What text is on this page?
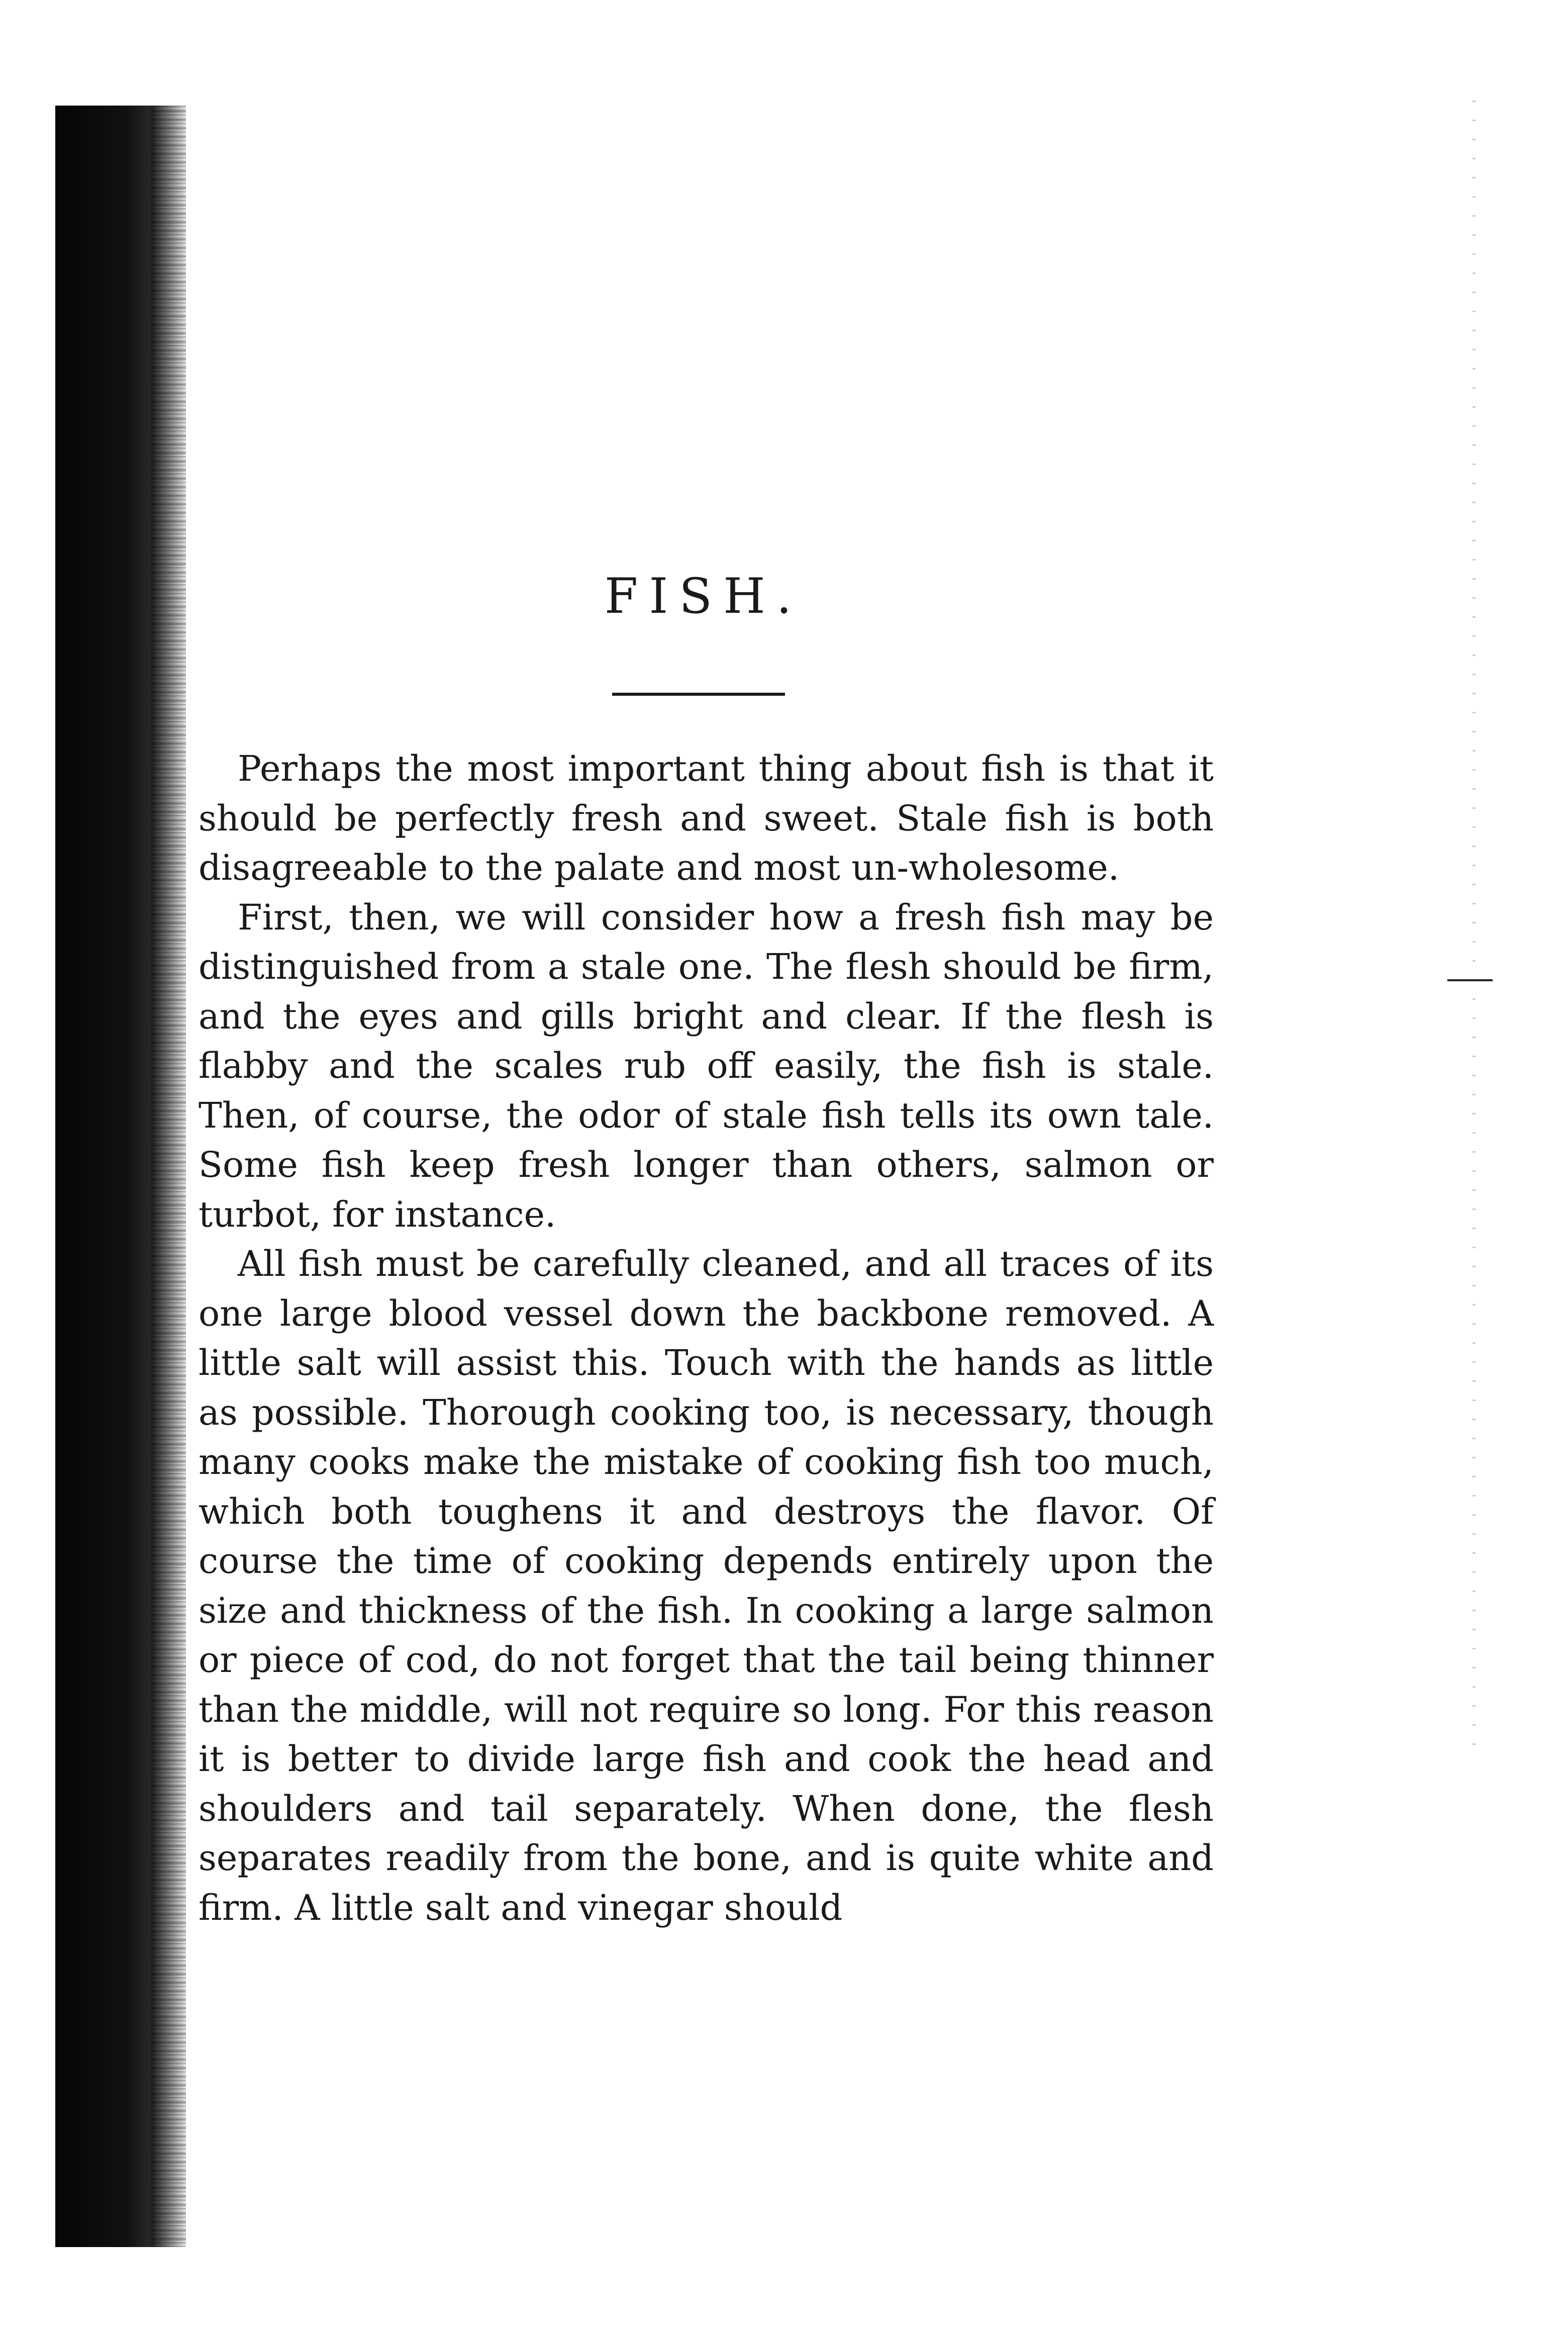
FISH.

Perhaps the most important thing about fish is that it should be perfectly fresh and sweet. Stale fish is both disagreeable to the palate and most un-wholesome.

First, then, we will consider how a fresh fish may be distinguished from a stale one. The flesh should be firm, and the eyes and gills bright and clear. If the flesh is flabby and the scales rub off easily, the fish is stale. Then, of course, the odor of stale fish tells its own tale. Some fish keep fresh longer than others, salmon or turbot, for instance.

All fish must be carefully cleaned, and all traces of its one large blood vessel down the backbone removed. A little salt will assist this. Touch with the hands as little as possible. Thorough cooking too, is necessary, though many cooks make the mistake of cooking fish too much, which both toughens it and destroys the flavor. Of course the time of cooking depends entirely upon the size and thickness of the fish. In cooking a large salmon or piece of cod, do not forget that the tail being thinner than the middle, will not require so long. For this reason it is better to divide large fish and cook the head and shoulders and tail separately. When done, the flesh separates readily from the bone, and is quite white and firm. A little salt and vinegar should
